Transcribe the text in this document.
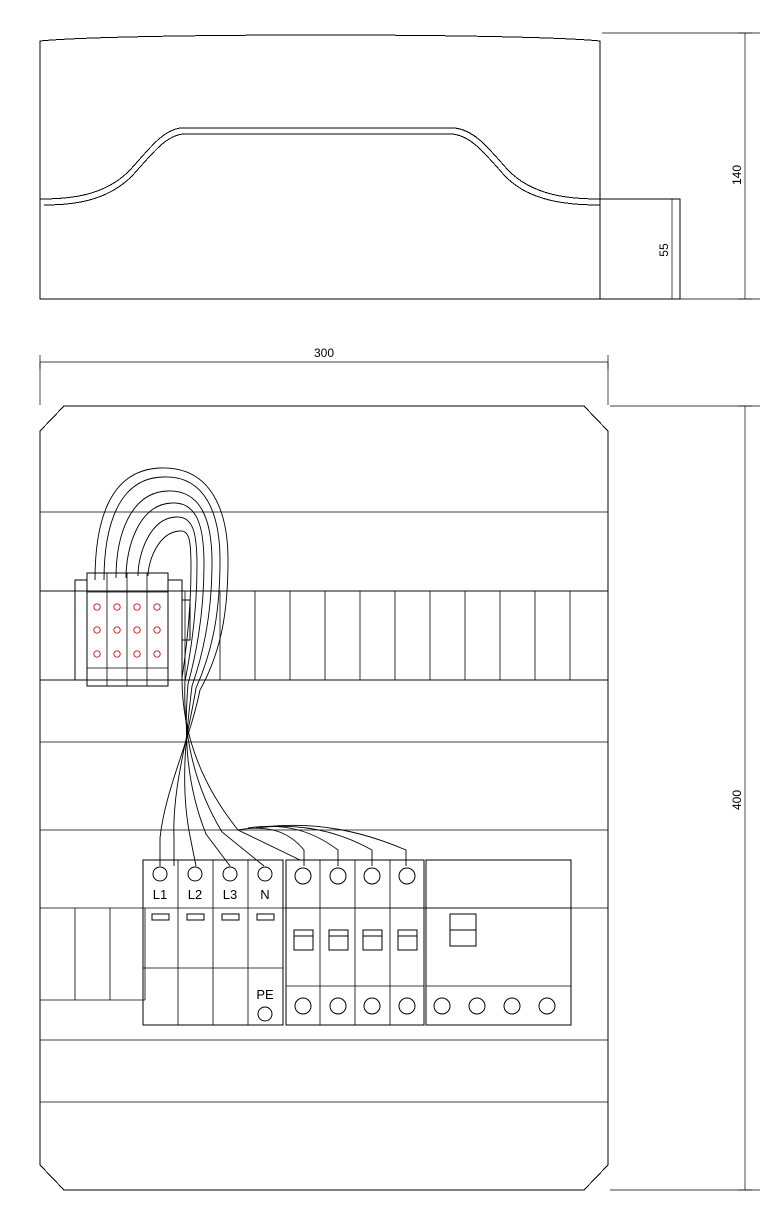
140
55
300
400
L1 L2 L3 N
PE
